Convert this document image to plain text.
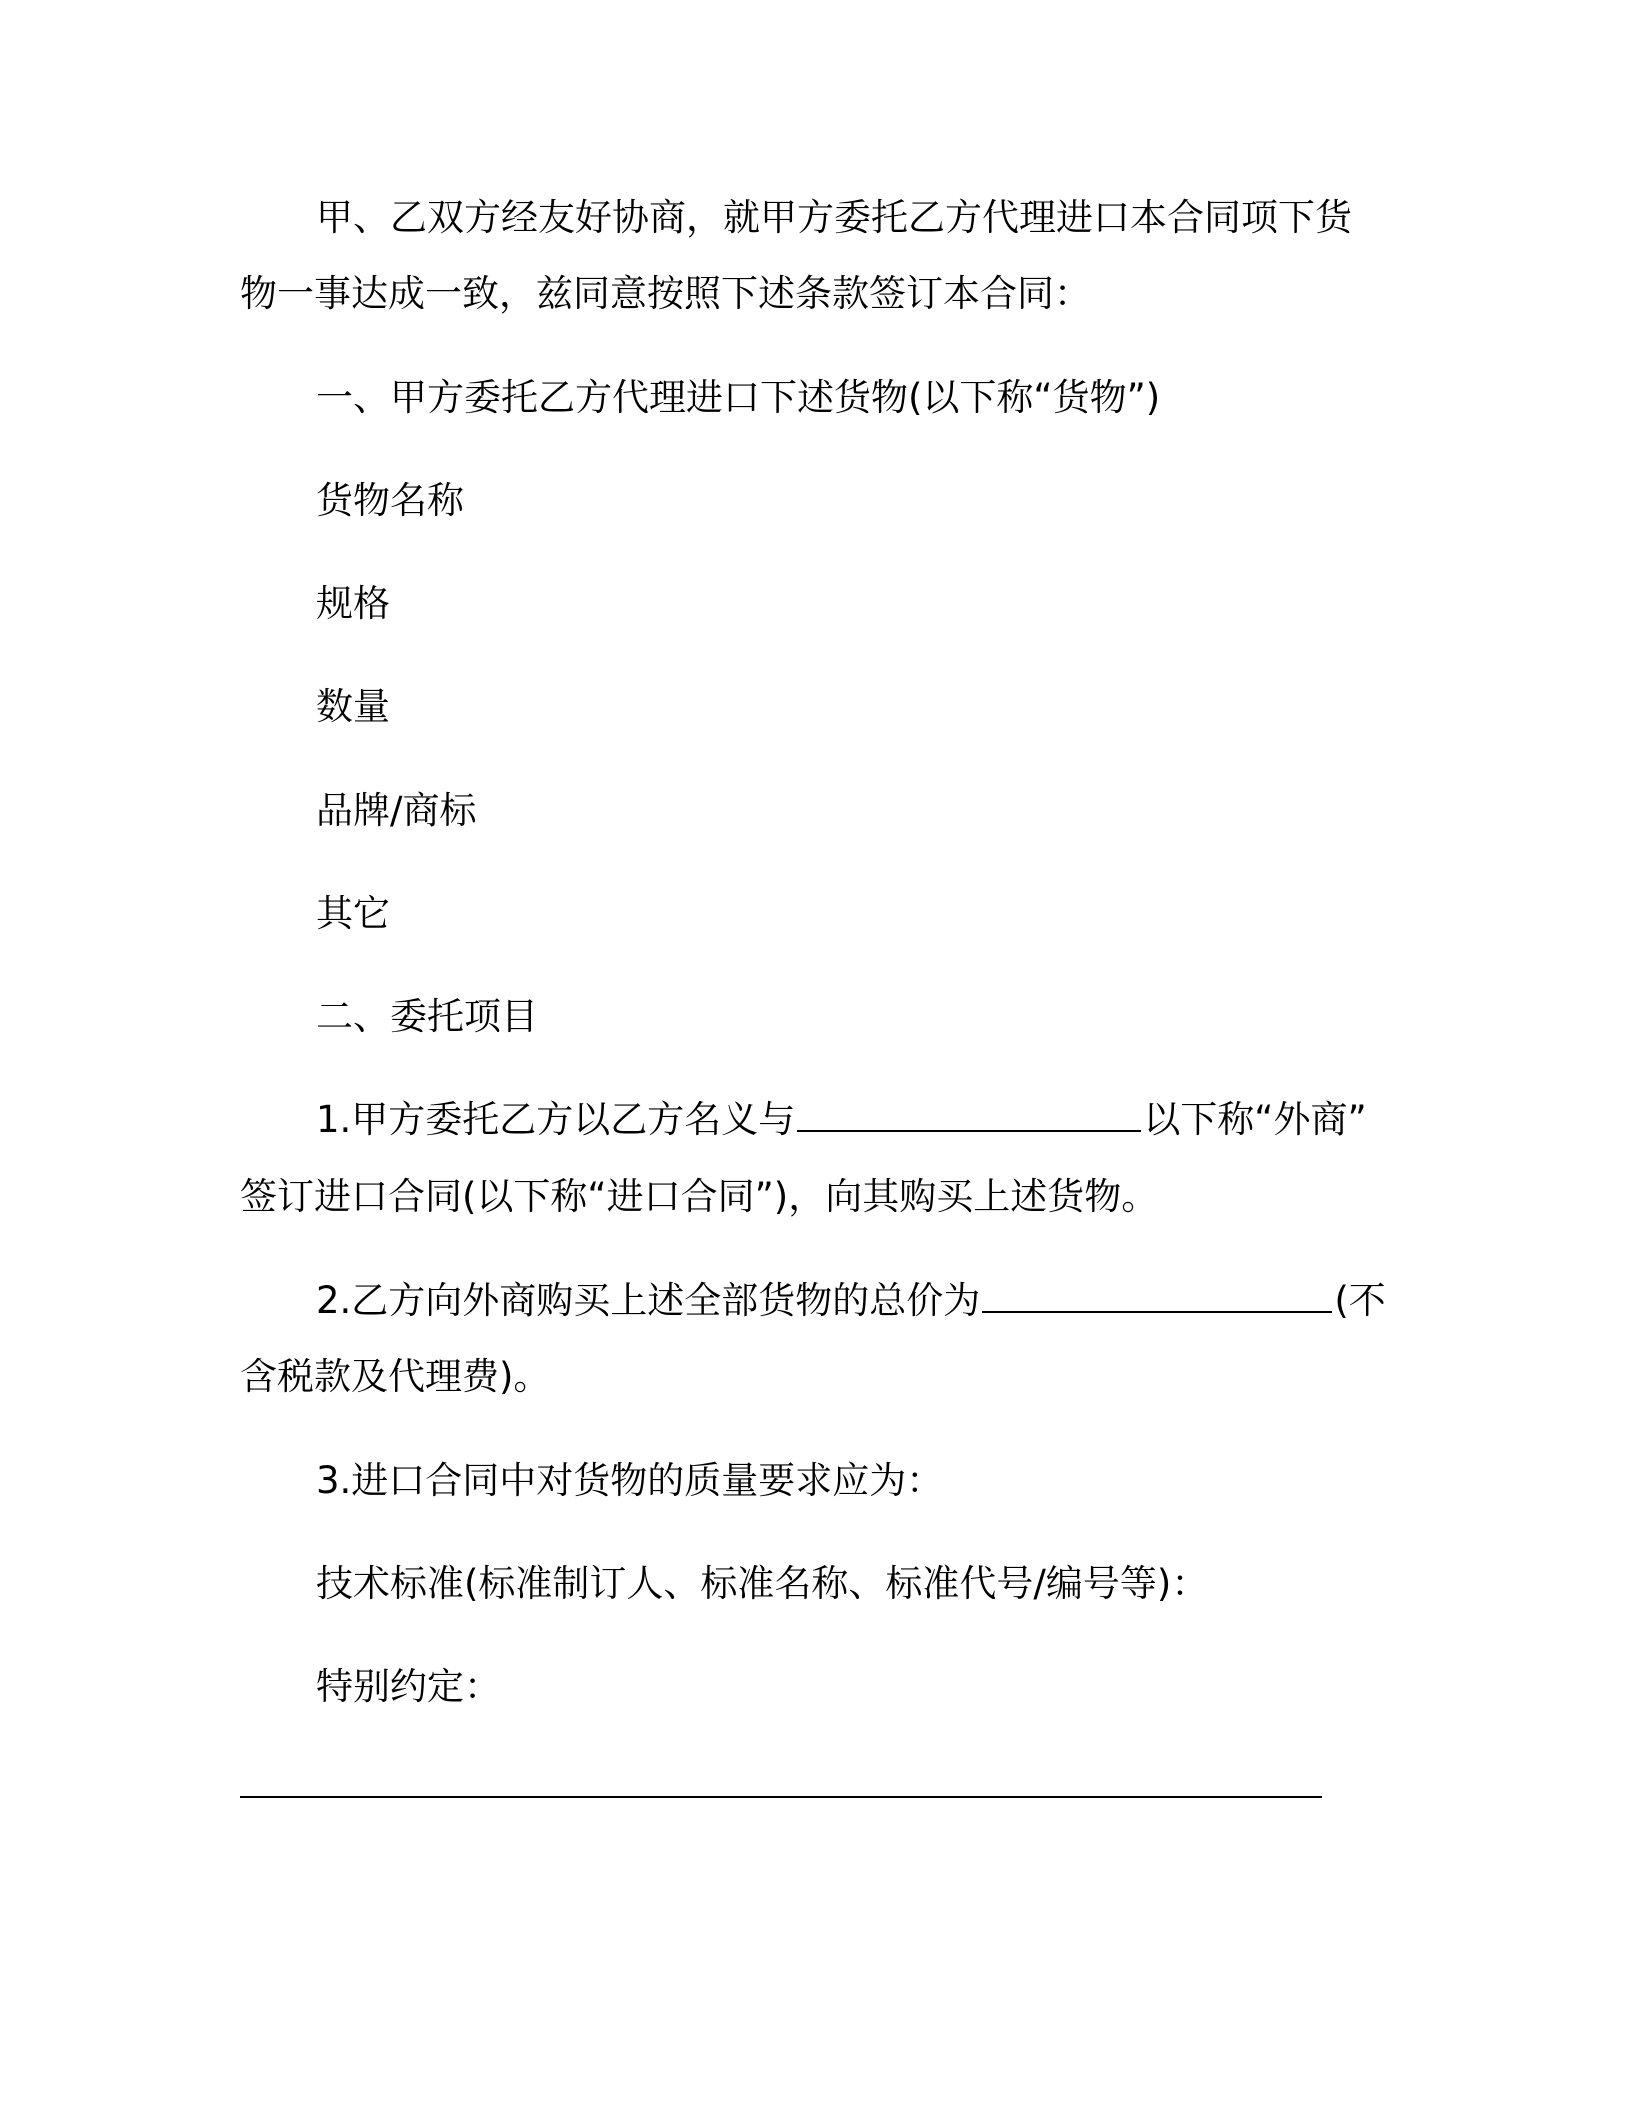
甲、乙双方经友好协商，就甲方委托乙方代理进口本合同项下货
物一事达成一致，兹同意按照下述条款签订本合同：
一、甲方委托乙方代理进口下述货物(以下称“货物”)
货物名称
规格
数量
品牌/商标
其它
二、委托项目
1.甲方委托乙方以乙方名义与	以下称“外商”
签订进口合同(以下称“进口合同”)，向其购买上述货物。
2.乙方向外商购买上述全部货物的总价为	(不
含税款及代理费)。
3.进口合同中对货物的质量要求应为：
技术标准(标准制订人、标准名称、标准代号/编号等)：
特别约定：
